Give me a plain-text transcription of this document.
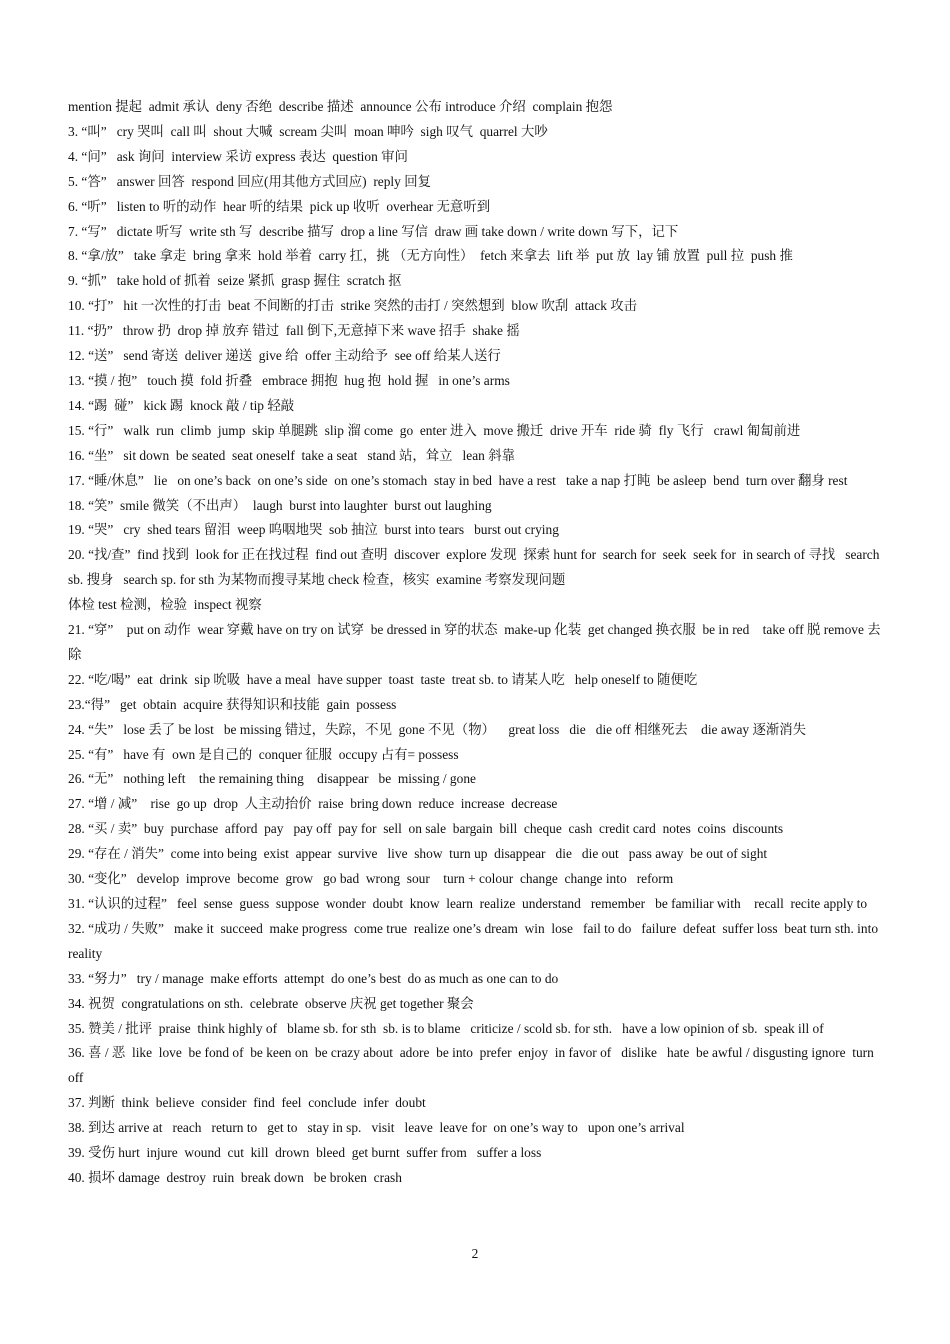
mention 提起  admit 承认  deny 否绝  describe 描述  announce 公布 introduce 介绍  complain 抱怨

3. “叫”   cry 哭叫  call 叫  shout 大喊  scream 尖叫  moan 呻吟  sigh 叹气  quarrel 大吵

4. “问”   ask 询问  interview 采访 express 表达  question 审问

5. “答”   answer 回答  respond 回应(用其他方式回应)  reply 回复

6. “听”   listen to 听的动作  hear 听的结果  pick up 收听  overhear 无意听到

7. “写”   dictate 听写  write sth 写  describe 描写  drop a line 写信  draw 画 take down / write down 写下，记下

8. “拿/放”   take 拿走  bring 拿来  hold 举着  carry 扛，挑 （无方向性）  fetch 来拿去  lift 举  put 放  lay 铺 放置  pull 拉  push 推

9. “抓”   take hold of 抓着  seize 紧抓  grasp 握住  scratch 抠

10. “打”   hit 一次性的打击  beat 不间断的打击  strike 突然的击打 / 突然想到  blow 吹刮  attack 攻击

11. “扔”   throw 扔  drop 掉 放弃 错过  fall 倒下,无意掉下来 wave 招手  shake 摇

12. “送”   send 寄送  deliver 递送  give 给  offer 主动给予  see off 给某人送行

13. “摸 / 抱”   touch 摸  fold 折叠   embrace 拥抱  hug 抱  hold 握   in one’s arms

14. “踢  碰”   kick 踢  knock 敲 / tip 轻敲

15. “行”   walk  run  climb  jump  skip 单腿跳  slip 溜 come  go  enter 进入  move 搬迁  drive 开车  ride 骑  fly 飞行   crawl 匍匐前进

16. “坐”   sit down  be seated  seat oneself  take a seat   stand 站，耸立   lean 斜靠

17. “睡/休息”   lie   on one’s back  on one’s side  on one’s stomach  stay in bed  have a rest   take a nap 打盹  be asleep  bend  turn over 翻身 rest

18. “笑”  smile 微笑（不出声）  laugh  burst into laughter  burst out laughing

19. “哭”   cry  shed tears 留泪  weep 呜咽地哭  sob 抽泣  burst into tears   burst out crying

20. “找/查”  find 找到  look for 正在找过程  find out 查明  discover  explore 发现  探索 hunt for  search for  seek  seek for  in search of 寻找   search sb. 搜身   search sp. for sth 为某物而搜寻某地 check 检查，核实  examine 考察发现问题

体检 test 检测，检验  inspect 视察

21. “穿”    put on 动作  wear 穿戴 have on try on 试穿  be dressed in 穿的状态  make-up 化装  get changed 换衣服  be in red    take off 脱 remove 去除

22. “吃/喝”  eat  drink  sip 吮吸  have a meal  have supper  toast  taste  treat sb. to 请某人吃   help oneself to 随便吃

23.“得”   get  obtain  acquire 获得知识和技能  gain  possess

24. “失”   lose 丢了 be lost   be missing 错过，失踪，不见  gone 不见（物）    great loss   die   die off 相继死去    die away 逐渐消失

25. “有”   have 有  own 是自己的  conquer 征服  occupy 占有= possess

26. “无”   nothing left    the remaining thing    disappear   be  missing / gone

27. “增 / 减”    rise  go up  drop  人主动抬价  raise  bring down  reduce  increase  decrease

28. “买 / 卖”  buy  purchase  afford  pay   pay off  pay for  sell  on sale  bargain  bill  cheque  cash  credit card  notes  coins  discounts

29. “存在 / 消失”  come into being  exist  appear  survive   live  show  turn up  disappear   die   die out   pass away  be out of sight

30. “变化”   develop  improve  become  grow   go bad  wrong  sour    turn + colour  change  change into   reform

31. “认识的过程”   feel  sense  guess  suppose  wonder  doubt  know  learn  realize  understand   remember   be familiar with    recall  recite apply to

32. “成功 / 失败”   make it  succeed  make progress  come true  realize one’s dream  win  lose   fail to do   failure  defeat  suffer loss  beat turn sth. into reality

33. “努力”   try / manage  make efforts  attempt  do one’s best  do as much as one can to do

34. 祝贺  congratulations on sth.  celebrate  observe 庆祝 get together 聚会

35. 赞美 / 批评  praise  think highly of   blame sb. for sth  sb. is to blame   criticize / scold sb. for sth.   have a low opinion of sb.  speak ill of

36. 喜 / 恶  like  love  be fond of  be keen on  be crazy about  adore  be into  prefer  enjoy  in favor of   dislike   hate  be awful / disgusting ignore  turn off

37. 判断  think  believe  consider  find  feel  conclude  infer  doubt

38. 到达 arrive at   reach   return to   get to   stay in sp.   visit   leave  leave for  on one’s way to   upon one’s arrival

39. 受伤 hurt  injure  wound  cut  kill  drown  bleed  get burnt  suffer from   suffer a loss

40. 损坏 damage  destroy  ruin  break down   be broken  crash

2
